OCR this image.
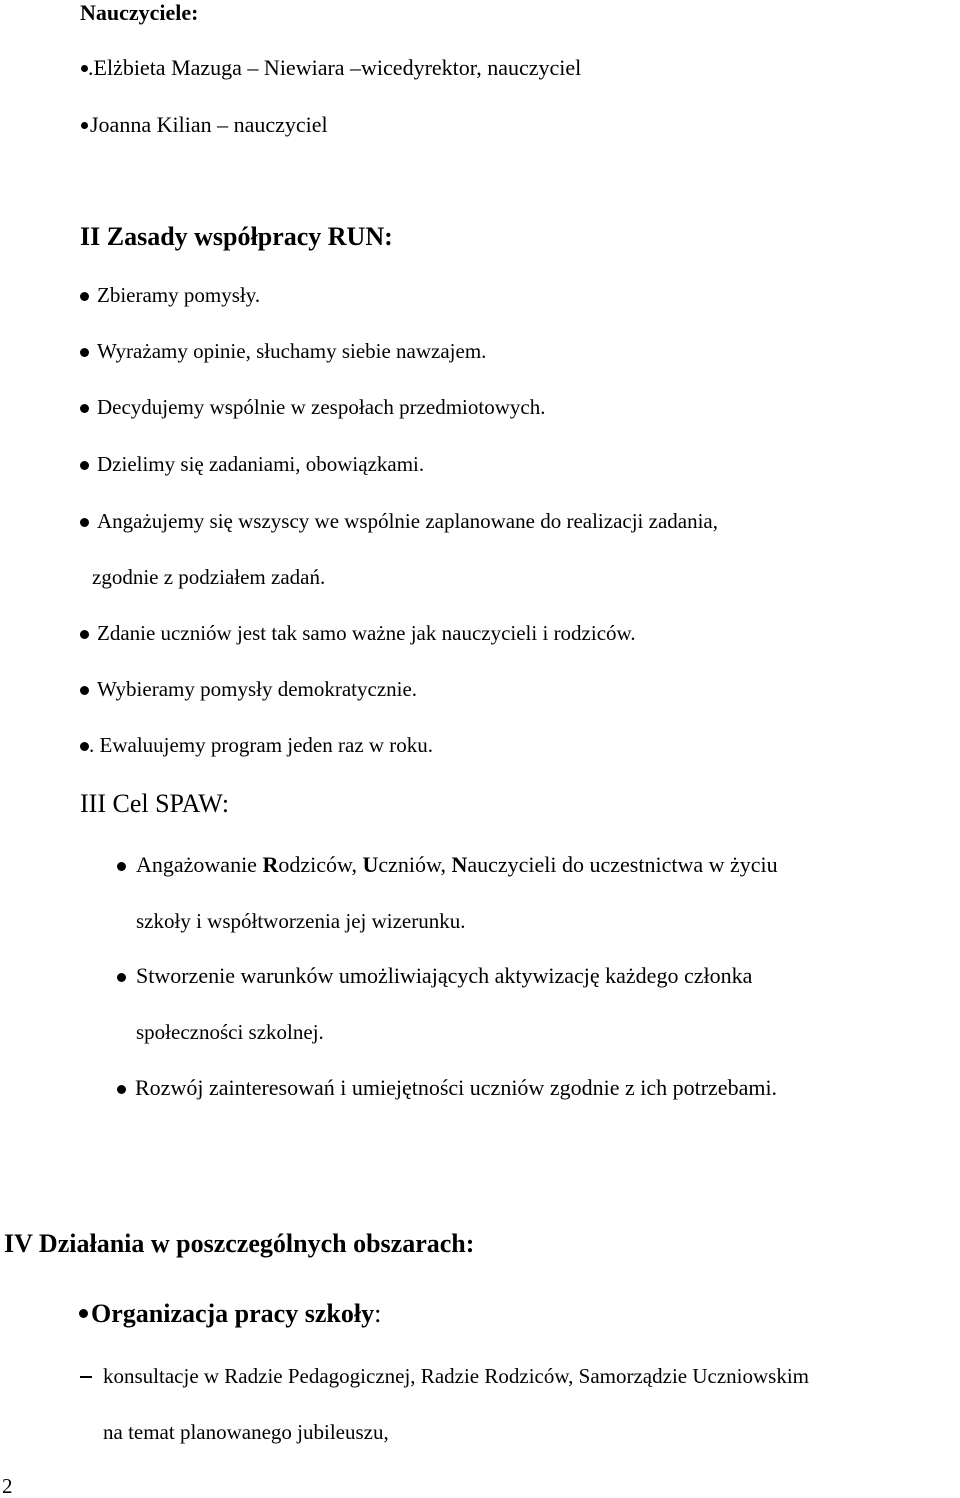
Nauczyciele:
.Elżbieta Mazuga – Niewiara –wicedyrektor, nauczyciel
Joanna Kilian – nauczyciel
II Zasady współpracy RUN:
Zbieramy pomysły.
Wyrażamy opinie, słuchamy siebie nawzajem.
Decydujemy wspólnie w zespołach przedmiotowych.
Dzielimy się zadaniami, obowiązkami.
Angażujemy się wszyscy we wspólnie zaplanowane do realizacji zadania,
zgodnie z podziałem zadań.
Zdanie uczniów jest tak samo ważne jak nauczycieli i rodziców.
Wybieramy pomysły demokratycznie.
. Ewaluujemy program jeden raz w roku.
III Cel SPAW:
Angażowanie Rodziców, Uczniów, Nauczycieli do uczestnictwa w życiu
szkoły i współtworzenia jej wizerunku.
Stworzenie warunków umożliwiających aktywizację każdego członka
społeczności szkolnej.
Rozwój zainteresowań i umiejętności uczniów zgodnie z ich potrzebami.
IV Działania w poszczególnych obszarach:
Organizacja pracy szkoły:
konsultacje w Radzie Pedagogicznej, Radzie Rodziców, Samorządzie Uczniowskim
na temat planowanego jubileuszu,
2
